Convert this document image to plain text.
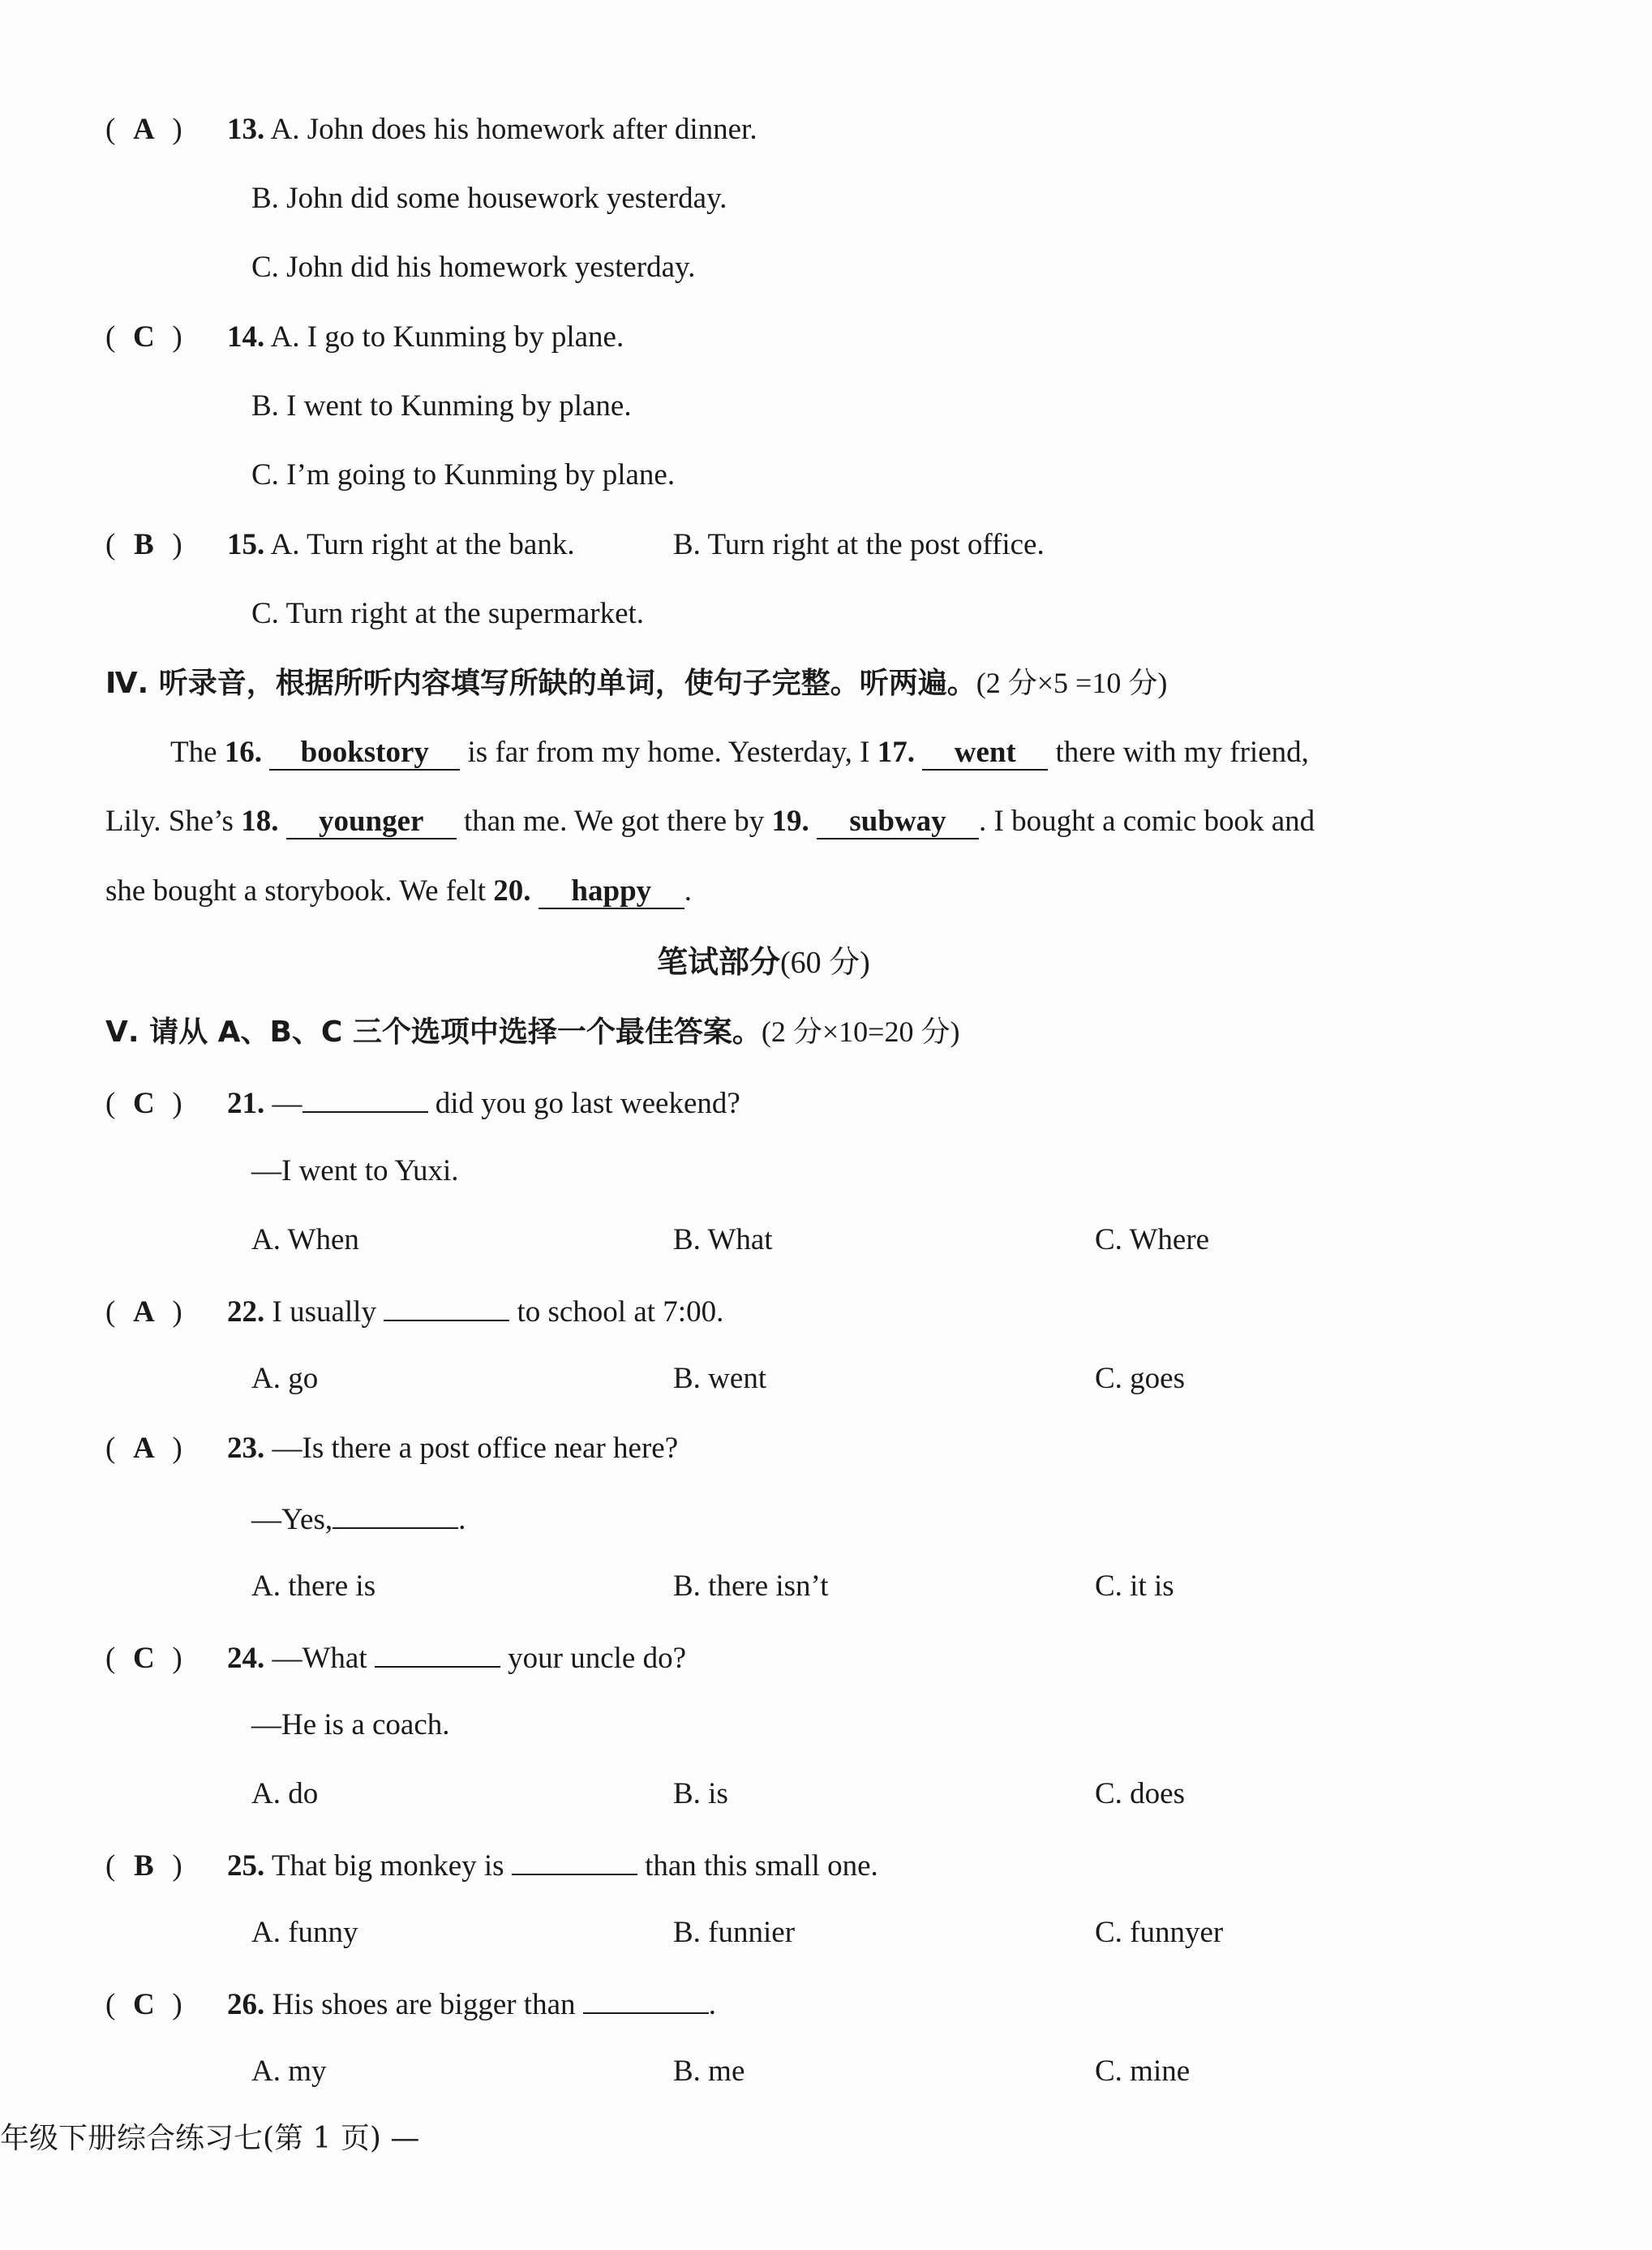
( A ) 13. A. John does his homework after dinner.
B. John did some housework yesterday.
C. John did his homework yesterday.
( C ) 14. A. I go to Kunming by plane.
B. I went to Kunming by plane.
C. I’m going to Kunming by plane.
( B ) 15. A. Turn right at the bank.	B. Turn right at the post office.
C. Turn right at the supermarket.
Ⅳ. 听录音，根据所听内容填写所缺的单词，使句子完整。听两遍。(2 分×5 =10 分)
The 16. bookstory is far from my home. Yesterday, I 17. went there with my friend,
Lily. She’s 18. younger than me. We got there by 19. subway . I bought a comic book and
she bought a storybook. We felt 20. happy .
笔试部分(60 分)
Ⅴ. 请从 A、B、C 三个选项中选择一个最佳答案。(2 分×10=20 分)
( C ) 21. —	did you go last weekend?
—I went to Yuxi.
A. When	B. What	C. Where
( A ) 22. I usually	to school at 7:00.
A. go	B. went	C. goes
( A ) 23. —Is there a post office near here?
—Yes,	.
A. there is	B. there isn’t	C. it is
( C ) 24. —What	your uncle do?
—He is a coach.
A. do	B. is	C. does
( B ) 25. That big monkey is	than this small one.
A. funny	B. funnier	C. funnyer
( C ) 26. His shoes are bigger than	.
A. my	B. me	C. mine
年级下册综合练习七(第 1 页) —
